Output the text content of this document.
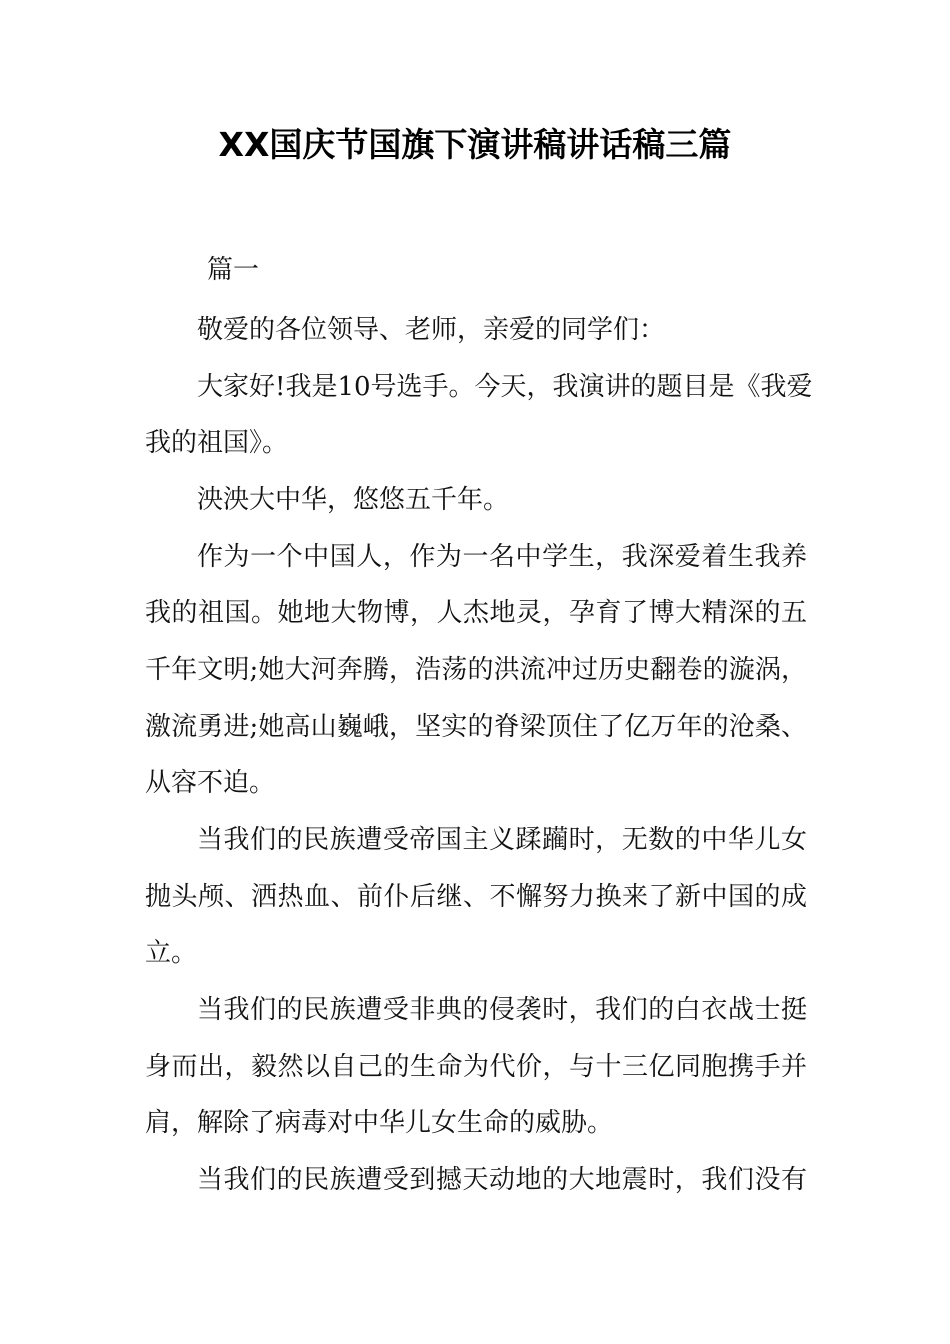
XX国庆节国旗下演讲稿讲话稿三篇
篇一
敬爱的各位领导、老师，亲爱的同学们：
大家好!我是10号选手。今天，我演讲的题目是《我爱
我的祖国》。
泱泱大中华，悠悠五千年。
作为一个中国人，作为一名中学生，我深爱着生我养
我的祖国。她地大物博，人杰地灵，孕育了博大精深的五
千年文明;她大河奔腾，浩荡的洪流冲过历史翻卷的漩涡，
激流勇进;她高山巍峨，坚实的脊梁顶住了亿万年的沧桑、
从容不迫。
当我们的民族遭受帝国主义蹂躏时，无数的中华儿女
抛头颅、洒热血、前仆后继、不懈努力换来了新中国的成
立。
当我们的民族遭受非典的侵袭时，我们的白衣战士挺
身而出，毅然以自己的生命为代价，与十三亿同胞携手并
肩，解除了病毒对中华儿女生命的威胁。
当我们的民族遭受到撼天动地的大地震时，我们没有
